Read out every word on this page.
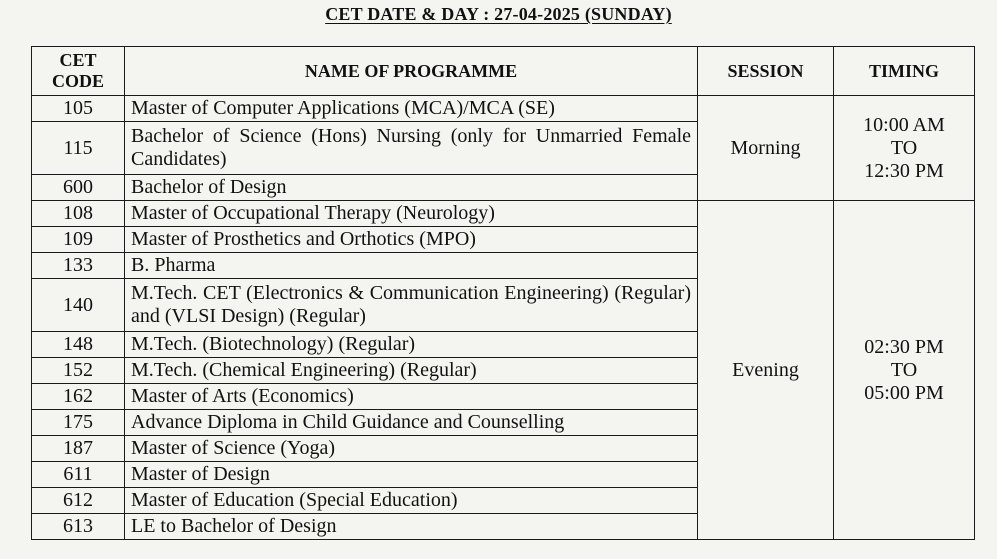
CET DATE & DAY : 27-04-2025 (SUNDAY)
CET CODE	NAME OF PROGRAMME	SESSION	TIMING
105	Master of Computer Applications (MCA)/MCA (SE)	Morning	10:00 AM
TO
12:30 PM

115	Bachelor of Science (Hons) Nursing (only for Unmarried Female Candidates)		
600	Bachelor of Design		
108	Master of Occupational Therapy (Neurology)	Evening	02:30 PM
TO
05:00 PM

109	Master of Prosthetics and Orthotics (MPO)		
133	B. Pharma		
140	M.Tech. CET (Electronics & Communication Engineering) (Regular) and (VLSI Design) (Regular)		
148	M.Tech. (Biotechnology) (Regular)		
152	M.Tech. (Chemical Engineering) (Regular)		
162	Master of Arts (Economics)		
175	Advance Diploma in Child Guidance and Counselling		
187	Master of Science (Yoga)		
611	Master of Design		
612	Master of Education (Special Education)		
613	LE to Bachelor of Design		
